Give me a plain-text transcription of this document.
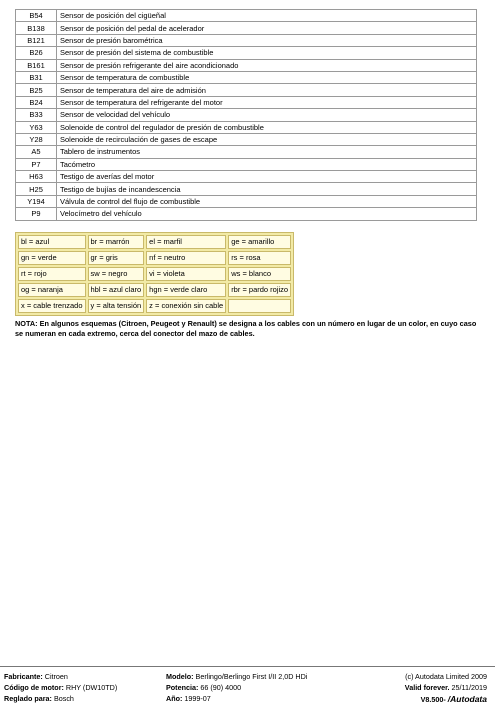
B54	Sensor de posición del cigüeñal
B138	Sensor de posición del pedal de acelerador
B121	Sensor de presión barométrica
B26	Sensor de presión del sistema de combustible
B161	Sensor de presión refrigerante del aire acondicionado
B31	Sensor de temperatura de combustible
B25	Sensor de temperatura del aire de admisión
B24	Sensor de temperatura del refrigerante del motor
B33	Sensor de velocidad del vehículo
Y63	Solenoide de control del regulador de presión de combustible
Y28	Solenoide de recirculación de gases de escape
A5	Tablero de instrumentos
P7	Tacómetro
H63	Testigo de averías del motor
H25	Testigo de bujías de incandescencia
Y194	Válvula de control del flujo de combustible
P9	Velocímetro del vehículo
bl = azul	br = marrón	el = marfil	ge = amarillo
gn = verde	gr = gris	nf = neutro	rs = rosa
rt = rojo	sw = negro	vi = violeta	ws = blanco
og = naranja	hbl = azul claro	hgn = verde claro	rbr = pardo rojizo
x = cable trenzado	y = alta tensión	z = conexión sin cable	

NOTA: En algunos esquemas (Citroen, Peugeot y Renault) se designa a los cables con un número en lugar de un color, en cuyo caso se numeran en cada extremo, cerca del conector del mazo de cables.

Fabricante: Citroen
Código de motor: RHY (DW10TD)
Reglado para: Bosch
Modelo: Berlingo/Berlingo First I/II 2,0D HDi
Potencia: 66 (90) 4000
Año: 1999-07
(c) Autodata Limited 2009
Valid forever. 25/11/2019
V8.500- /Autodata
